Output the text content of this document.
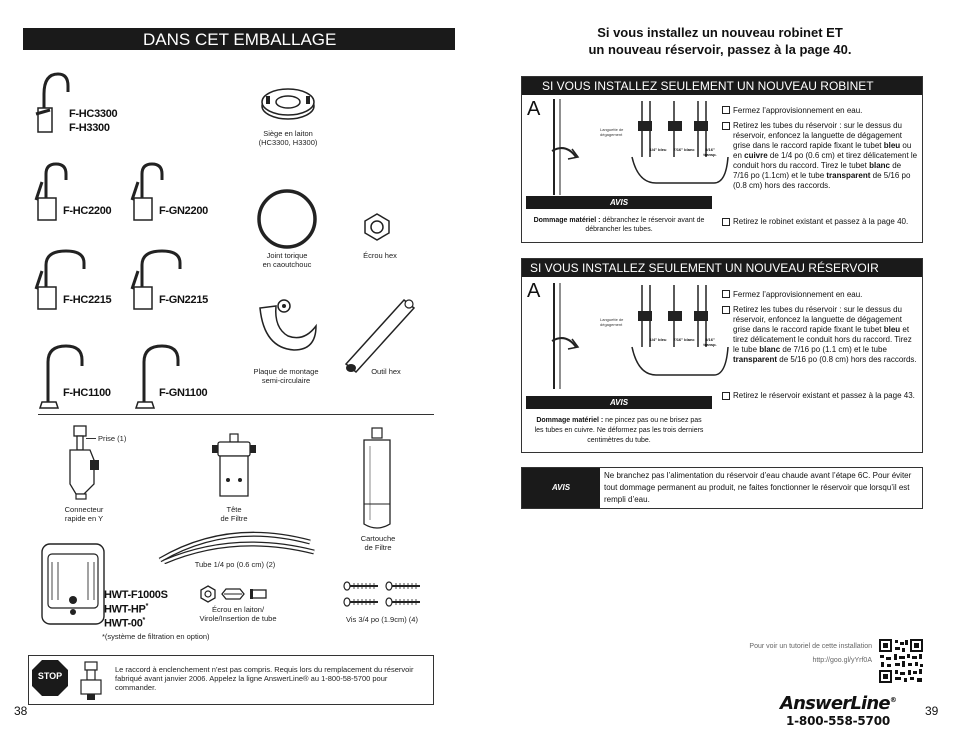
DANS CET EMBALLAGE
F-HC3300
F-H3300
F-HC2200	F-GN2200
F-HC2215	F-GN2215
F-HC1100	F-GN1100
Siège en laiton
(HC3300, H3300)
Joint torique
en caoutchouc
Écrou hex
Plaque de montage
semi-circulaire
Outil hex
Prise (1)
Connecteur
rapide en Y
Tête
de Filtre
Cartouche
de Filtre
Tube 1/4 po (0.6 cm) (2)
Écrou en laiton/
Virole/Insertion de tube	Vis 3/4 po (1.9cm) (4)
HWT-F1000S
HWT-HP*
HWT-00*
*(système de filtration en option)
STOP
Le raccord à enclenchement n’est pas compris. Requis lors du remplacement du réservoir fabriqué avant janvier 2006. Appelez la ligne AnswerLine® au 1-800-58-5700 pour commander.
38
Si vous installez un nouveau robinet ET
un nouveau réservoir, passez à la page 40.
SI VOUS INSTALLEZ SEULEMENT UN NOUVEAU ROBINET
A
Languette de dégagement
1/4" bleu	7/16" blanc	5/16" transp.
AVIS
Dommage matériel : débranchez le réservoir avant de débrancher les tubes.
Fermez l’approvisionnement en eau.
Retirez les tubes du réservoir : sur le dessus du réservoir, enfoncez la languette de dégagement grise dans le raccord rapide fixant le tubet bleu ou en cuivre de 1/4 po (0.6 cm) et tirez délicatement le conduit hors du raccord. Tirez le tubet blanc de 7/16 po (1.1cm) et le tube transparent de 5/16 po (0.8 cm) hors des raccords.
Retirez le robinet existant et passez à la page 40.
SI VOUS INSTALLEZ SEULEMENT UN NOUVEAU RÉSERVOIR
A
Languette de dégagement
1/4" bleu	7/16" blanc	5/16" transp.
AVIS
Dommage matériel : ne pincez pas ou ne brisez pas les tubes en cuivre. Ne déformez pas les trois derniers centimètres du tube.
Fermez l’approvisionnement en eau.
Retirez les tubes du réservoir : sur le dessus du réservoir, enfoncez la languette de dégagement grise dans le raccord rapide fixant le tubet bleu et tirez délicatement le conduit hors du raccord. Tirez le tube blanc de 7/16 po (1.1 cm) et le tube transparent de 5/16 po (0.8 cm) hors des raccords.
Retirez le réservoir existant et passez à la page 43.
AVIS
Ne branchez pas l’alimentation du réservoir d’eau chaude avant l’étape 6C. Pour éviter tout dommage permanent au produit, ne faites fonctionner le réservoir que lorsqu’il est rempli d’eau.
Pour voir un tutoriel de cette installation
http://goo.gl/yYrf0A
AnswerLine®
1-800-558-5700
39
